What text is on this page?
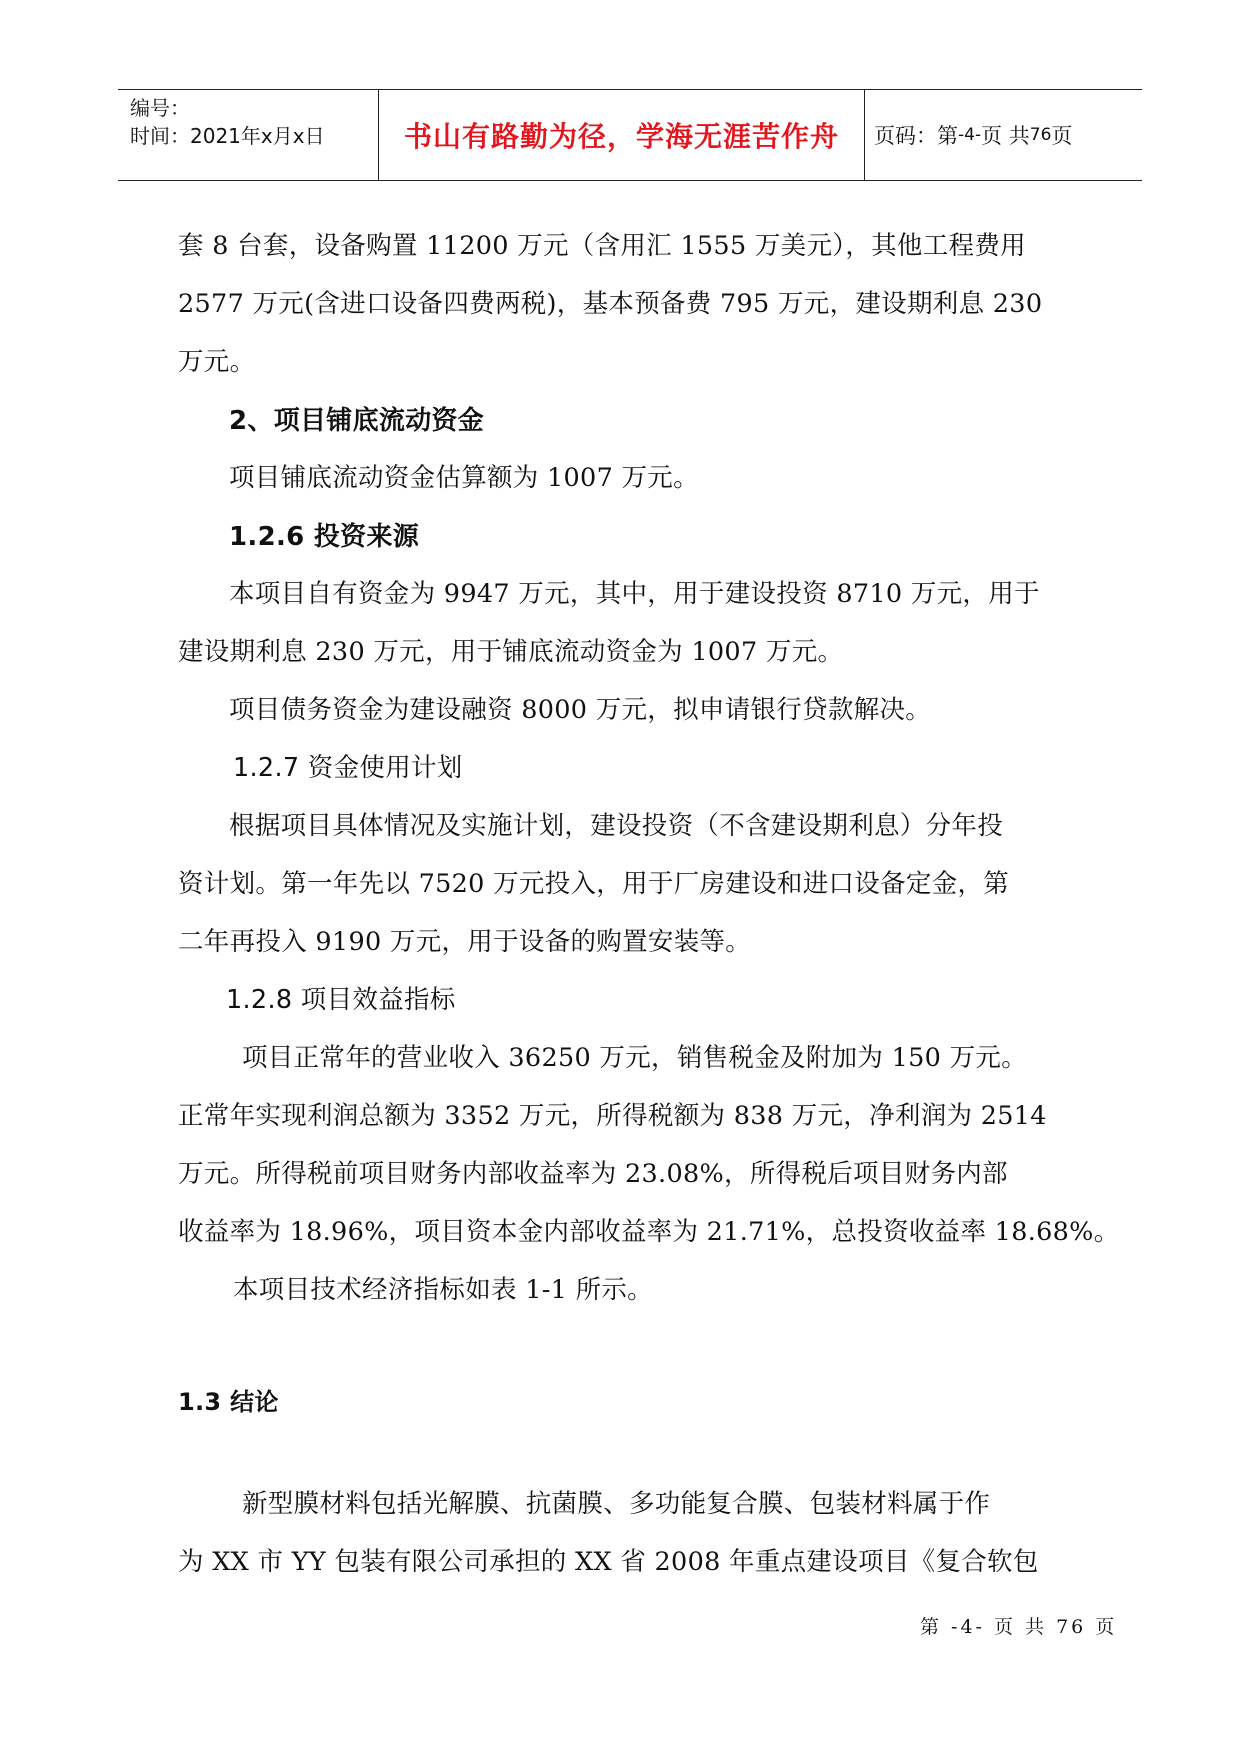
编号：
时间：2021年x月x日	书山有路勤为径，学海无涯苦作舟	页码：第 -4- 页 共 76 页
套 8 台套，设备购置 11200 万元（含用汇 1555 万美元），其他工程费用
2577 万元(含进口设备四费两税)，基本预备费 795 万元，建设期利息 230
万元。
2、项目铺底流动资金
项目铺底流动资金估算额为 1007 万元。
1.2.6 投资来源
本项目自有资金为 9947 万元，其中，用于建设投资 8710 万元，用于
建设期利息 230 万元，用于铺底流动资金为 1007 万元。
项目债务资金为建设融资 8000 万元，拟申请银行贷款解决。
1.2.7 资金使用计划
根据项目具体情况及实施计划，建设投资（不含建设期利息）分年投
资计划。第一年先以 7520 万元投入，用于厂房建设和进口设备定金，第
二年再投入 9190 万元，用于设备的购置安装等。
1.2.8 项目效益指标
项目正常年的营业收入 36250 万元，销售税金及附加为 150 万元。
正常年实现利润总额为 3352 万元，所得税额为 838 万元，净利润为 2514
万元。所得税前项目财务内部收益率为 23.08%，所得税后项目财务内部
收益率为 18.96%，项目资本金内部收益率为 21.71%，总投资收益率 18.68%。
本项目技术经济指标如表 1-1 所示。
1.3 结论
新型膜材料包括光解膜、抗菌膜、多功能复合膜、包装材料属于作
为 XX 市 YY 包装有限公司承担的 XX 省 2008 年重点建设项目《复合软包
第 -4- 页 共 76 页
